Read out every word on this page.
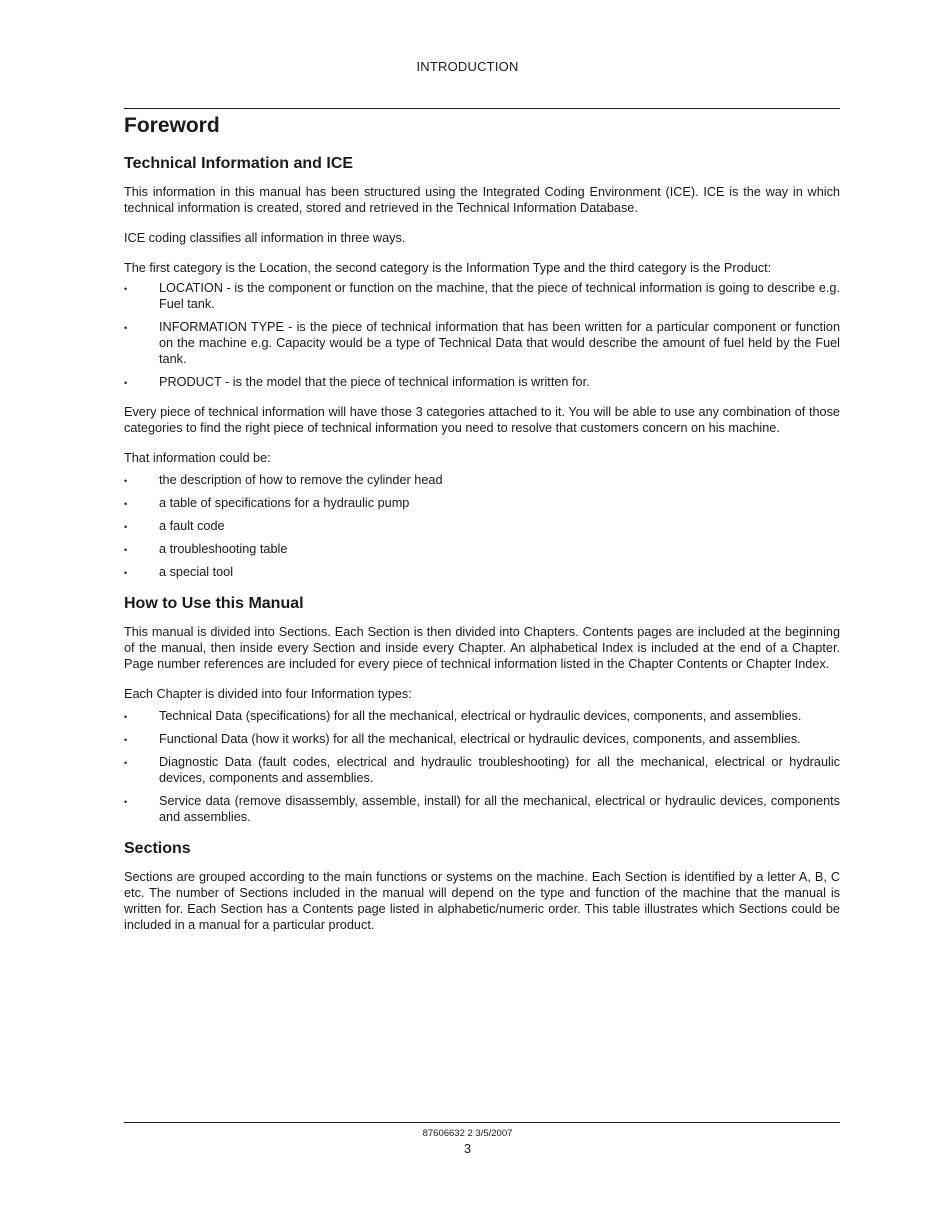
INTRODUCTION
Foreword
Technical Information and ICE

This information in this manual has been structured using the Integrated Coding Environment (ICE). ICE is the way in which technical information is created, stored and retrieved in the Technical Information Database.

ICE coding classifies all information in three ways.

The first category is the Location, the second category is the Information Type and the third category is the Product:

•	LOCATION - is the component or function on the machine, that the piece of technical information is going to describe e.g. Fuel tank.
•	INFORMATION TYPE - is the piece of technical information that has been written for a particular component or function on the machine e.g. Capacity would be a type of Technical Data that would describe the amount of fuel held by the Fuel tank.
•	PRODUCT - is the model that the piece of technical information is written for.

Every piece of technical information will have those 3 categories attached to it. You will be able to use any combination of those categories to find the right piece of technical information you need to resolve that customers concern on his machine.

That information could be:

•	the description of how to remove the cylinder head
•	a table of specifications for a hydraulic pump
•	a fault code
•	a troubleshooting table
•	a special tool
How to Use this Manual

This manual is divided into Sections. Each Section is then divided into Chapters. Contents pages are included at the beginning of the manual, then inside every Section and inside every Chapter. An alphabetical Index is included at the end of a Chapter. Page number references are included for every piece of technical information listed in the Chapter Contents or Chapter Index.

Each Chapter is divided into four Information types:

•	Technical Data (specifications) for all the mechanical, electrical or hydraulic devices, components, and assemblies.
•	Functional Data (how it works) for all the mechanical, electrical or hydraulic devices, components, and assemblies.
•	Diagnostic Data (fault codes, electrical and hydraulic troubleshooting) for all the mechanical, electrical or hydraulic devices, components and assemblies.
•	Service data (remove disassembly, assemble, install) for all the mechanical, electrical or hydraulic devices, components and assemblies.
Sections

Sections are grouped according to the main functions or systems on the machine. Each Section is identified by a letter A, B, C etc. The number of Sections included in the manual will depend on the type and function of the machine that the manual is written for. Each Section has a Contents page listed in alphabetic/numeric order. This table illustrates which Sections could be included in a manual for a particular product.

87606632 2 3/5/2007
3
